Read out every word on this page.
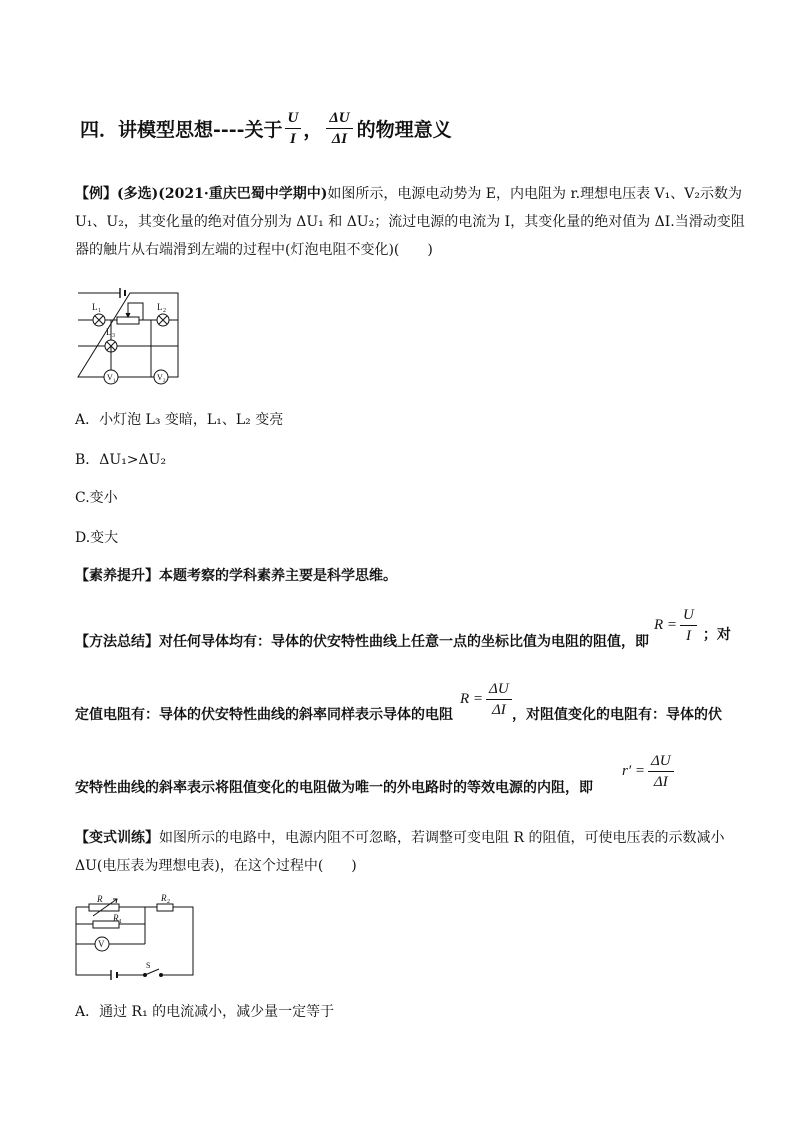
四．讲模型思想----关于 $\frac{U}{I}$ ， $\frac{\Delta U}{\Delta I}$ 的物理意义
【例】(多选)(2021·重庆巴蜀中学期中)如图所示，电源电动势为 E，内电阻为 r.理想电压表 V₁、V₂示数为
U₁、U₂，其变化量的绝对值分别为 ΔU₁ 和 ΔU₂；流过电源的电流为 I，其变化量的绝对值为 ΔI.当滑动变阻
器的触片从右端滑到左端的过程中(灯泡电阻不变化)(　　)
L 1	L 2
L 3
V 1	V 2
A．小灯泡 L₃ 变暗，L₁、L₂ 变亮
B．ΔU₁>ΔU₂
C.变小
D.变大
【素养提升】本题考察的学科素养主要是科学思维。
【方法总结】对任何导体均有：导体的伏安特性曲线上任意一点的坐标比值为电阻的阻值，即
$R = \frac{U}{I}$ ；对
定值电阻有：导体的伏安特性曲线的斜率同样表示导体的电阻
$R = \frac{\Delta U}{\Delta I}$ ，对阻值变化的电阻有：导体的伏
安特性曲线的斜率表示将阻值变化的电阻做为唯一的外电路时的等效电源的内阻，即
$r' = \frac{\Delta U}{\Delta I}$
【变式训练】如图所示的电路中，电源内阻不可忽略，若调整可变电阻 R 的阻值，可使电压表的示数减小
ΔU(电压表为理想电表)，在这个过程中(　　)
R
R 1
R 2
V
S
A．通过 R₁ 的电流减小，减少量一定等于
